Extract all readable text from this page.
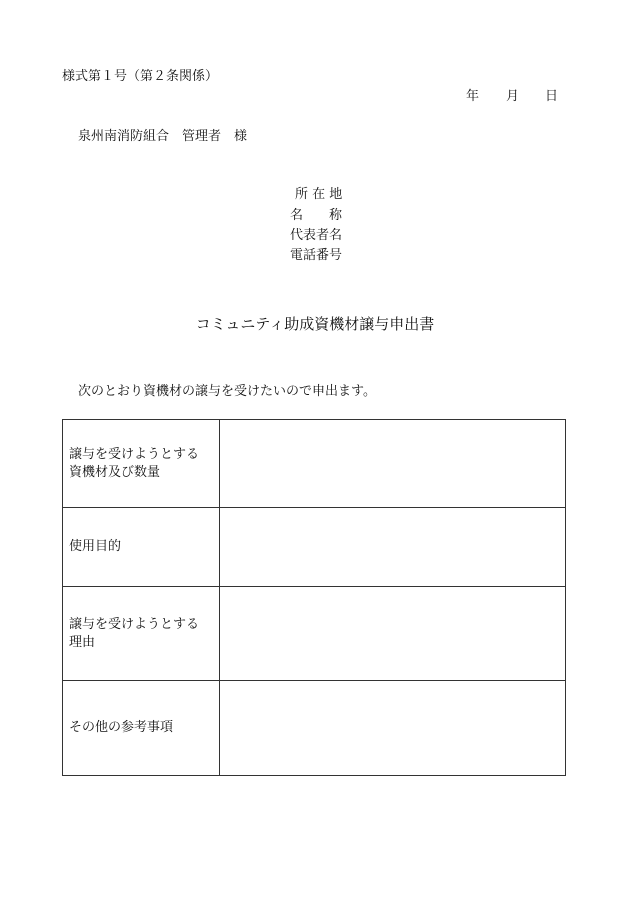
様式第１号（第２条関係）
年 月 日
泉州南消防組合　管理者　様
所 在 地
名　　称
代表者名
電話番号
コミュニティ助成資機材譲与申出書
次のとおり資機材の譲与を受けたいので申出ます。
譲与を受けようとする
資機材及び数量	

使用目的	

譲与を受けようとする
理由	

その他の参考事項	
